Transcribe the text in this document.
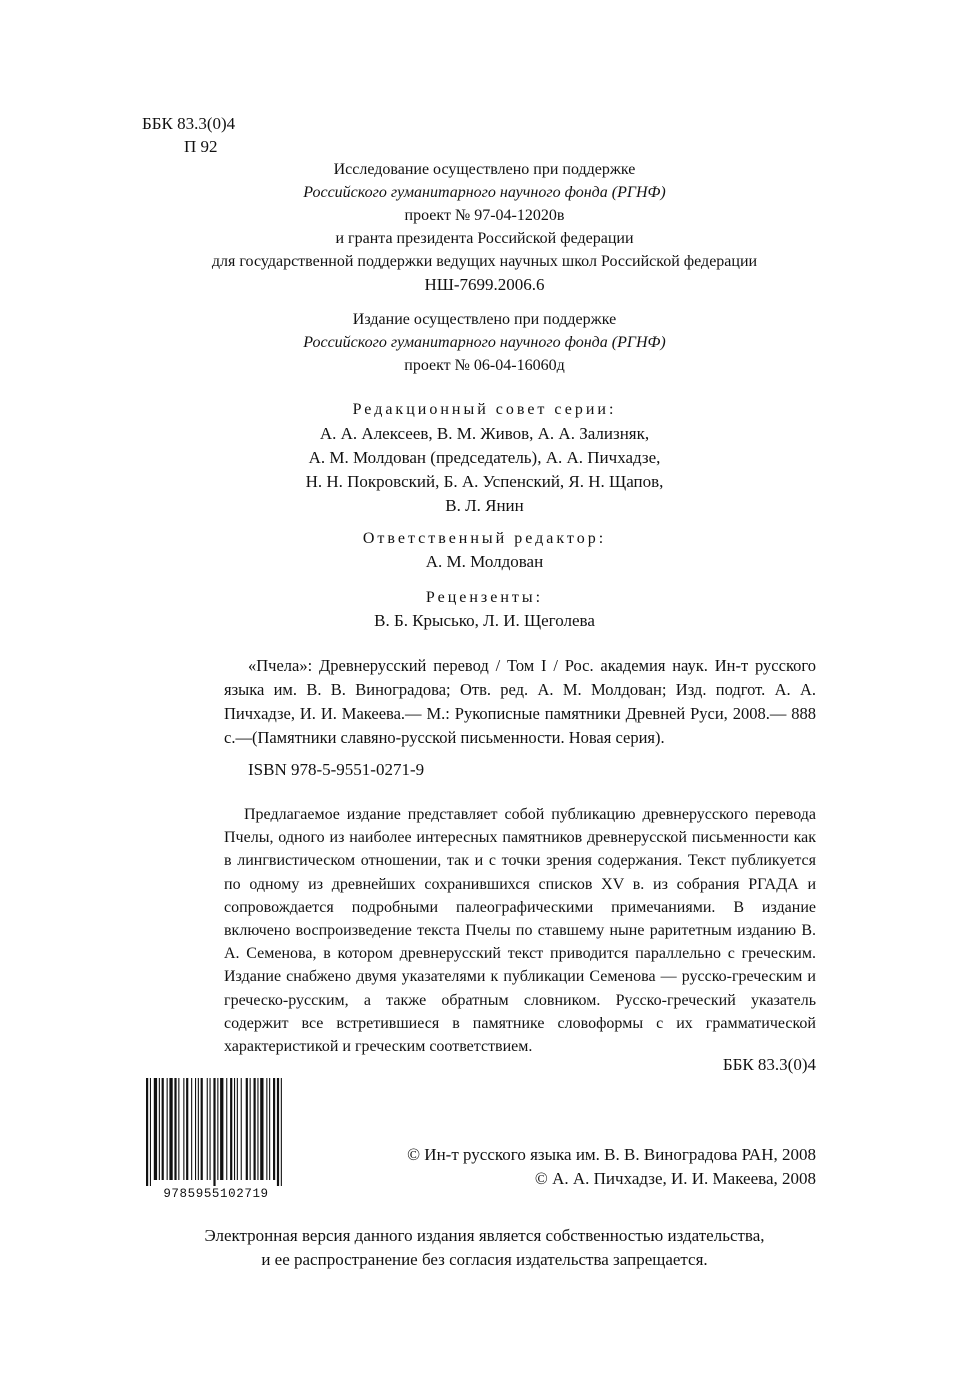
ББК 83.3(0)4
П 92
Исследование осуществлено при поддержке
Российского гуманитарного научного фонда (РГНФ)
проект № 97-04-12020в
и гранта президента Российской федерации
для государственной поддержки ведущих научных школ Российской федерации
НШ-7699.2006.6
Издание осуществлено при поддержке
Российского гуманитарного научного фонда (РГНФ)
проект № 06-04-16060д
Редакционный совет серии:
А. А. Алексеев, В. М. Живов, А. А. Зализняк,
А. М. Молдован (председатель), А. А. Пичхадзе,
Н. Н. Покровский, Б. А. Успенский, Я. Н. Щапов,
В. Л. Янин
Ответственный редактор:
А. М. Молдован
Рецензенты:
В. Б. Крысько, Л. И. Щеголева
«Пчела»: Древнерусский перевод / Том I / Рос. академия наук. Ин-т русского языка им. В. В. Виноградова; Отв. ред. А. М. Молдован; Изд. подгот. А. А. Пичхадзе, И. И. Макеева.— М.: Рукописные памятники Древней Руси, 2008.— 888 с.—(Памятники славяно-русской письменности. Новая серия).
ISBN 978-5-9551-0271-9
Предлагаемое издание представляет собой публикацию древнерусского перевода Пчелы, одного из наиболее интересных памятников древнерусской письменности как в лингвистическом отношении, так и с точки зрения содержания. Текст публикуется по одному из древнейших сохранившихся списков XV в. из собрания РГАДА и сопровождается подробными палеографическими примечаниями. В издание включено воспроизведение текста Пчелы по ставшему ныне раритетным изданию В. А. Семенова, в котором древнерусский текст приводится параллельно с греческим. Издание снабжено двумя указателями к публикации Семенова — русско-греческим и греческо-русским, а также обратным словником. Русско-греческий указатель содержит все встретившиеся в памятнике словоформы с их грамматической характеристикой и греческим соответствием.
ББК 83.3(0)4
9785955102719
© Ин-т русского языка им. В. В. Виноградова РАН, 2008
© А. А. Пичхадзе, И. И. Макеева, 2008
Электронная версия данного издания является собственностью издательства,
и ее распространение без согласия издательства запрещается.
